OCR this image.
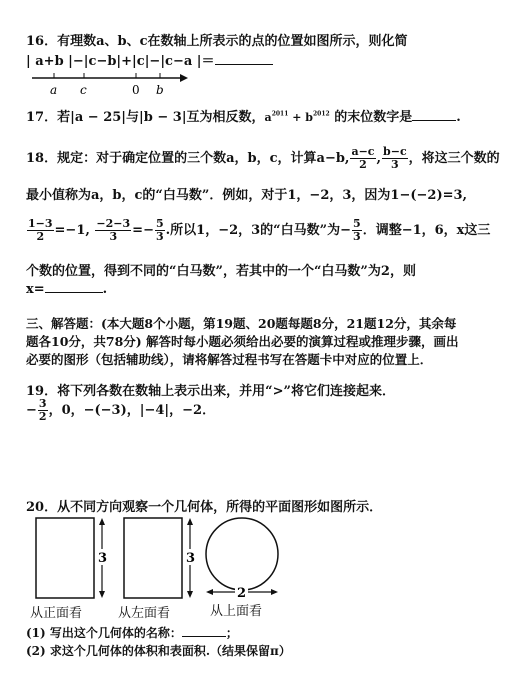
16．有理数a、b、c在数轴上所表示的点的位置如图所示，则化简
| a+b |−|c−b|+|c|−|c−a |＝
a c	0 b
17．若|a − 25|与|b − 3|互为相反数，$a^{2011} + b^{2012}$ 的末位数字是	.
18．规定：对于确定位置的三个数a，b，c，计算a−b, $\frac{a-c}{2}$ , $\frac{b-c}{3}$ ，将这三个数的
最小值称为a，b，c的“白马数”．例如，对于1，−2，3，因为1−(−2)=3,
$\frac{1-3}{2} =-1$, $\frac{-2-3}{3} =- \frac{5}{3}$ .所以1，−2，3的“白马数”为− $\frac{5}{3}$ ．调整−1，6，x这三
个数的位置，得到不同的“白马数”，若其中的一个“白马数”为2，则
x=	.
三、解答题：(本大题8个小题，第19题、20题每题8分，21题12分，其余每
题各10分，共78分) 解答时每小题必须给出必要的演算过程或推理步骤，画出
必要的图形（包括辅助线），请将解答过程书写在答题卡中对应的位置上．
19．将下列各数在数轴上表示出来，并用“>”将它们连接起来．
− $\frac{3}{2}$ ，0，−(−3)，|−4|，−2．
20．从不同方向观察一个几何体，所得的平面图形如图所示．
3	3
2
从正面看	从左面看	从上面看
(1) 写出这个几何体的名称：	；
(2) 求这个几何体的体积和表面积.（结果保留π）
